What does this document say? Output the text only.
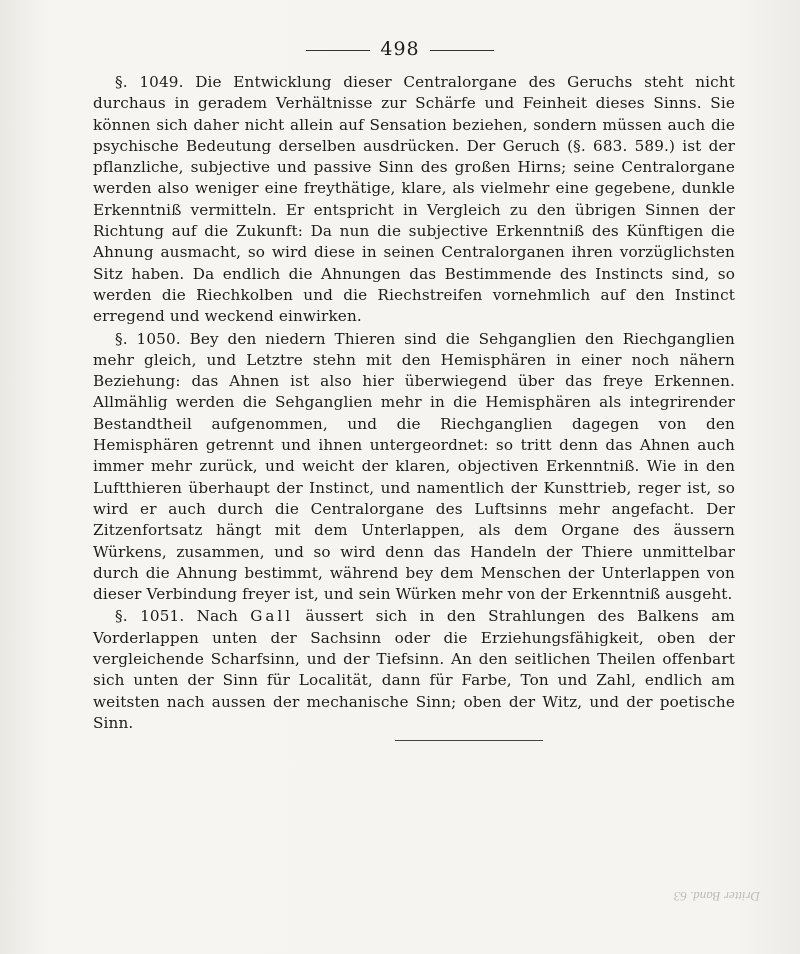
498

§. 1049. Die Entwicklung dieser Centralorgane des Geruchs steht nicht durchaus in geradem Verhältnisse zur Schärfe und Feinheit dieses Sinns. Sie können sich daher nicht allein auf Sensation beziehen, sondern müssen auch die psychische Bedeutung derselben ausdrücken. Der Geruch (§. 683. 589.) ist der pflanzliche, subjective und passive Sinn des großen Hirns; seine Centralorgane werden also weniger eine freythätige, klare, als vielmehr eine gegebene, dunkle Erkenntniß vermitteln. Er entspricht in Vergleich zu den übrigen Sinnen der Richtung auf die Zukunft: Da nun die subjective Erkenntniß des Künftigen die Ahnung ausmacht, so wird diese in seinen Centralorganen ihren vorzüglichsten Sitz haben. Da endlich die Ahnungen das Bestimmende des Instincts sind, so werden die Riechkolben und die Riechstreifen vornehmlich auf den Instinct erregend und weckend einwirken.

§. 1050. Bey den niedern Thieren sind die Sehganglien den Riechganglien mehr gleich, und Letztre stehn mit den Hemisphären in einer noch nähern Beziehung: das Ahnen ist also hier überwiegend über das freye Erkennen. Allmählig werden die Sehganglien mehr in die Hemisphären als integrirender Bestandtheil aufgenommen, und die Riechganglien dagegen von den Hemisphären getrennt und ihnen untergeordnet: so tritt denn das Ahnen auch immer mehr zurück, und weicht der klaren, objectiven Erkenntniß. Wie in den Luftthieren überhaupt der Instinct, und namentlich der Kunsttrieb, reger ist, so wird er auch durch die Centralorgane des Luftsinns mehr angefacht. Der Zitzenfortsatz hängt mit dem Unterlappen, als dem Organe des äussern Würkens, zusammen, und so wird denn das Handeln der Thiere unmittelbar durch die Ahnung bestimmt, während bey dem Menschen der Unterlappen von dieser Verbindung freyer ist, und sein Würken mehr von der Erkenntniß ausgeht.

§. 1051. Nach Gall äussert sich in den Strahlungen des Balkens am Vorderlappen unten der Sachsinn oder die Erziehungsfähigkeit, oben der vergleichende Scharfsinn, und der Tiefsinn. An den seitlichen Theilen offenbart sich unten der Sinn für Localität, dann für Farbe, Ton und Zahl, endlich am weitsten nach aussen der mechanische Sinn; oben der Witz, und der poetische Sinn.

Dritter Band. 63
